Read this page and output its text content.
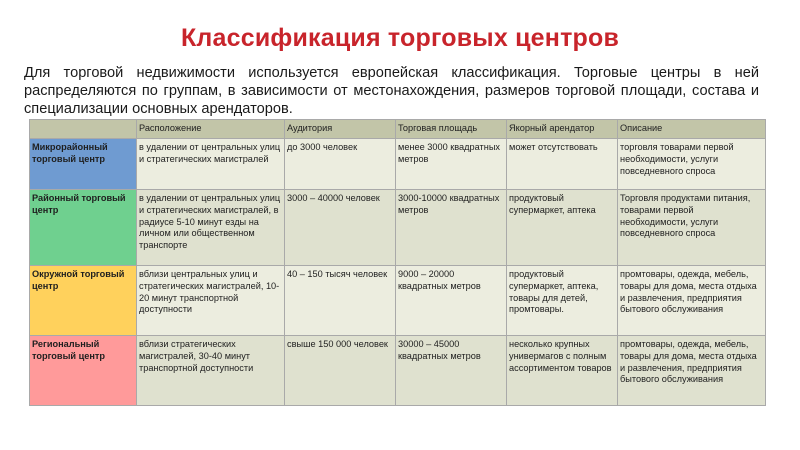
Классификация торговых центров
Для торговой недвижимости используется европейская классификация. Торговые центры в ней распределяются по группам, в зависимости от местонахождения, размеров торговой площади, состава и специализации основных арендаторов.
	Расположение	Аудитория	Торговая площадь	Якорный арендатор	Описание
Микрорайонный торговый центр	в удалении от центральных улиц и стратегических магистралей	до 3000 человек	менее 3000 квадратных метров	может отсутствовать	торговля товарами первой необходимости, услуги повседневного спроса
Районный торговый центр	в удалении от центральных улиц и стратегических магистралей, в радиусе 5-10 минут езды на личном или общественном транспорте	3000 – 40000 человек	3000-10000 квадратных метров	продуктовый супермаркет, аптека	Торговля продуктами питания, товарами первой необходимости, услуги повседневного спроса
Окружной торговый центр	вблизи центральных улиц и стратегических магистралей, 10-20 минут транспортной доступности	40 – 150 тысяч человек	9000 – 20000 квадратных метров	продуктовый супермаркет, аптека, товары для детей, промтовары.	промтовары, одежда, мебель, товары для дома, места отдыха и развлечения, предприятия бытового обслуживания
Региональный торговый центр	вблизи стратегических магистралей, 30-40 минут транспортной доступности	свыше 150 000 человек	30000 – 45000 квадратных метров	несколько крупных универмагов с полным ассортиментом товаров	промтовары, одежда, мебель, товары для дома, места отдыха и развлечения, предприятия бытового обслуживания
